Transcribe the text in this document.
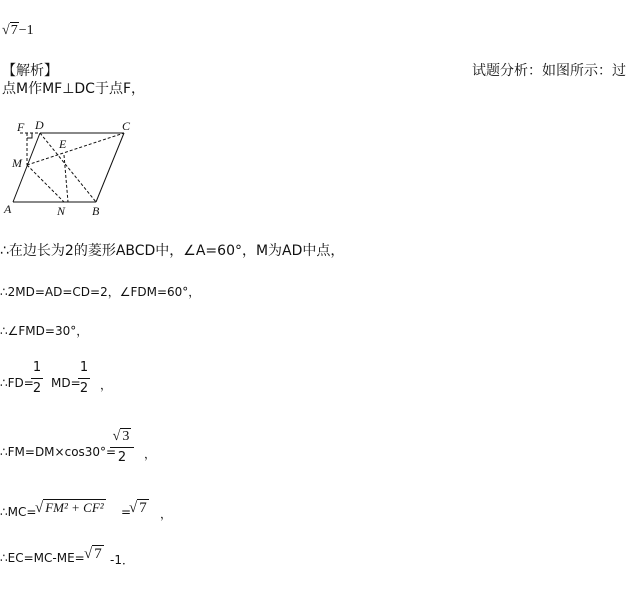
√7−1
【解析】	试题分析：如图所示：过
点M作MF⊥DC于点F，
F D	C
E
M
A	N B
∴在边长为2的菱形ABCD中，∠A=60°，M为AD中点，
∴2MD=AD=CD=2，∠FDM=60°，
∴∠FMD=30°，
∴FD=
1
2 MD=
1
2 ，
∴FM=DM×cos30°=
√ 3
2	，
∴MC=
√ FM² + CF² =
√ 7 ，
∴EC=MC-ME= √ 7 -1．
